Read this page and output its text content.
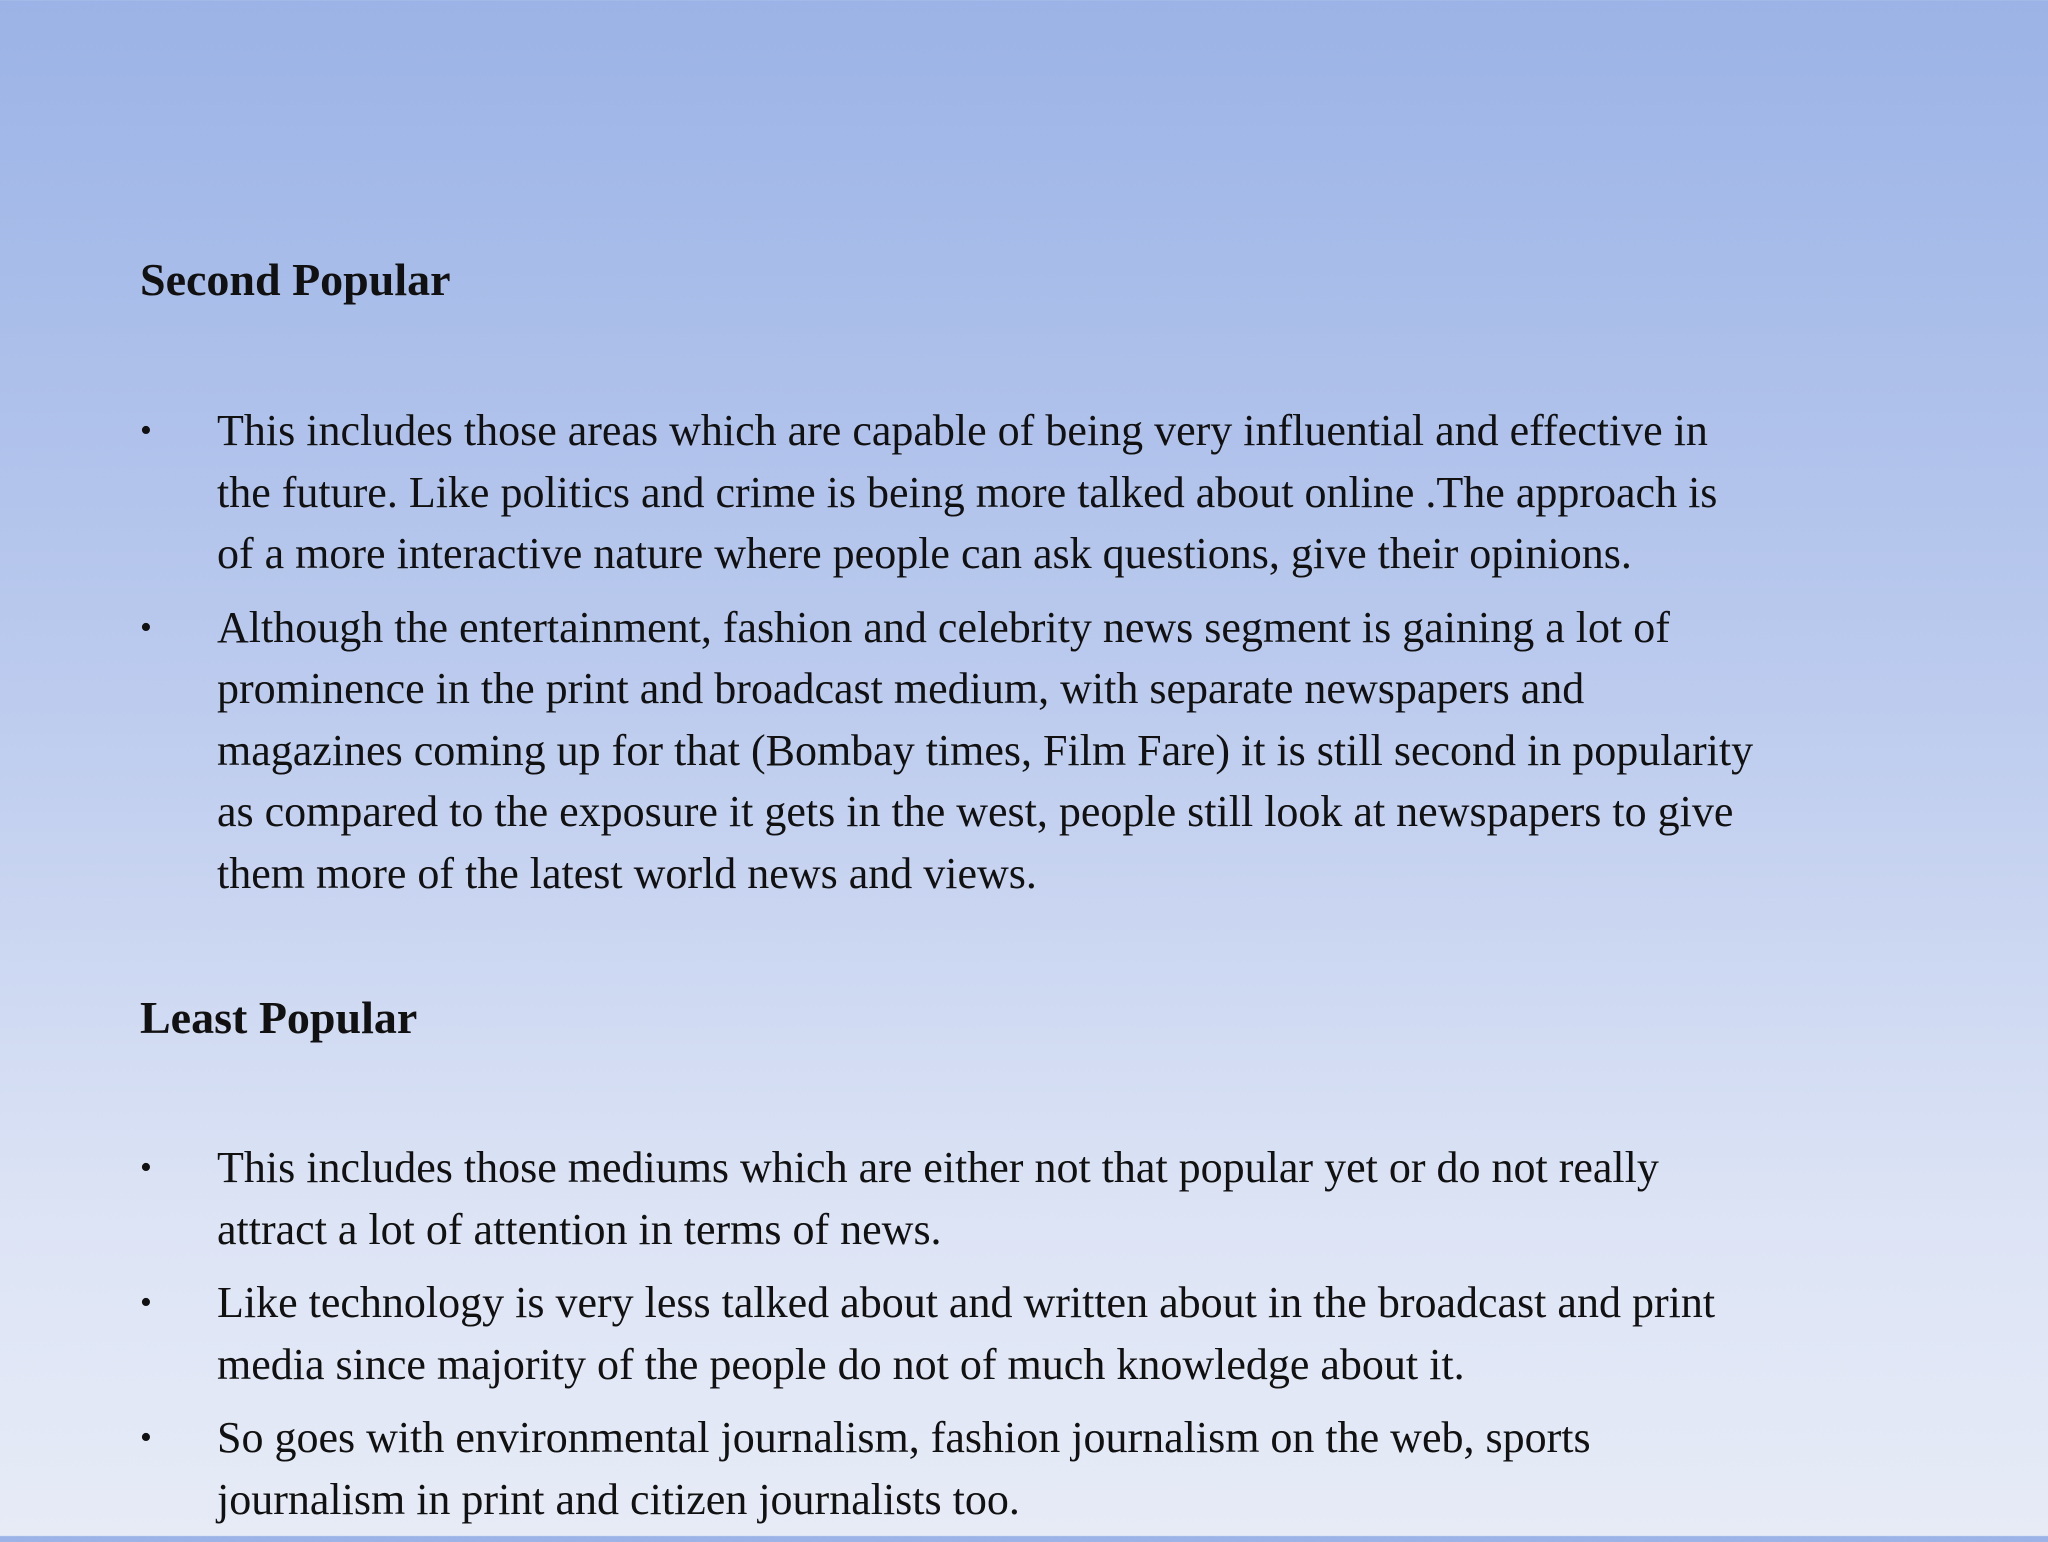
Second Popular
•	This includes those areas which are capable of being very influential and effective in
the future. Like politics and crime is being more talked about online .The approach is
of a more interactive nature where people can ask questions, give their opinions.
•	Although the entertainment, fashion and celebrity news segment is gaining a lot of
prominence in the print and broadcast medium, with separate newspapers and
magazines coming up for that (Bombay times, Film Fare) it is still second in popularity
as compared to the exposure it gets in the west, people still look at newspapers to give
them more of the latest world news and views.
Least Popular
•	This includes those mediums which are either not that popular yet or do not really
attract a lot of attention in terms of news.
•	Like technology is very less talked about and written about in the broadcast and print
media since majority of the people do not of much knowledge about it.
•	So goes with environmental journalism, fashion journalism on the web, sports
journalism in print and citizen journalists too.
